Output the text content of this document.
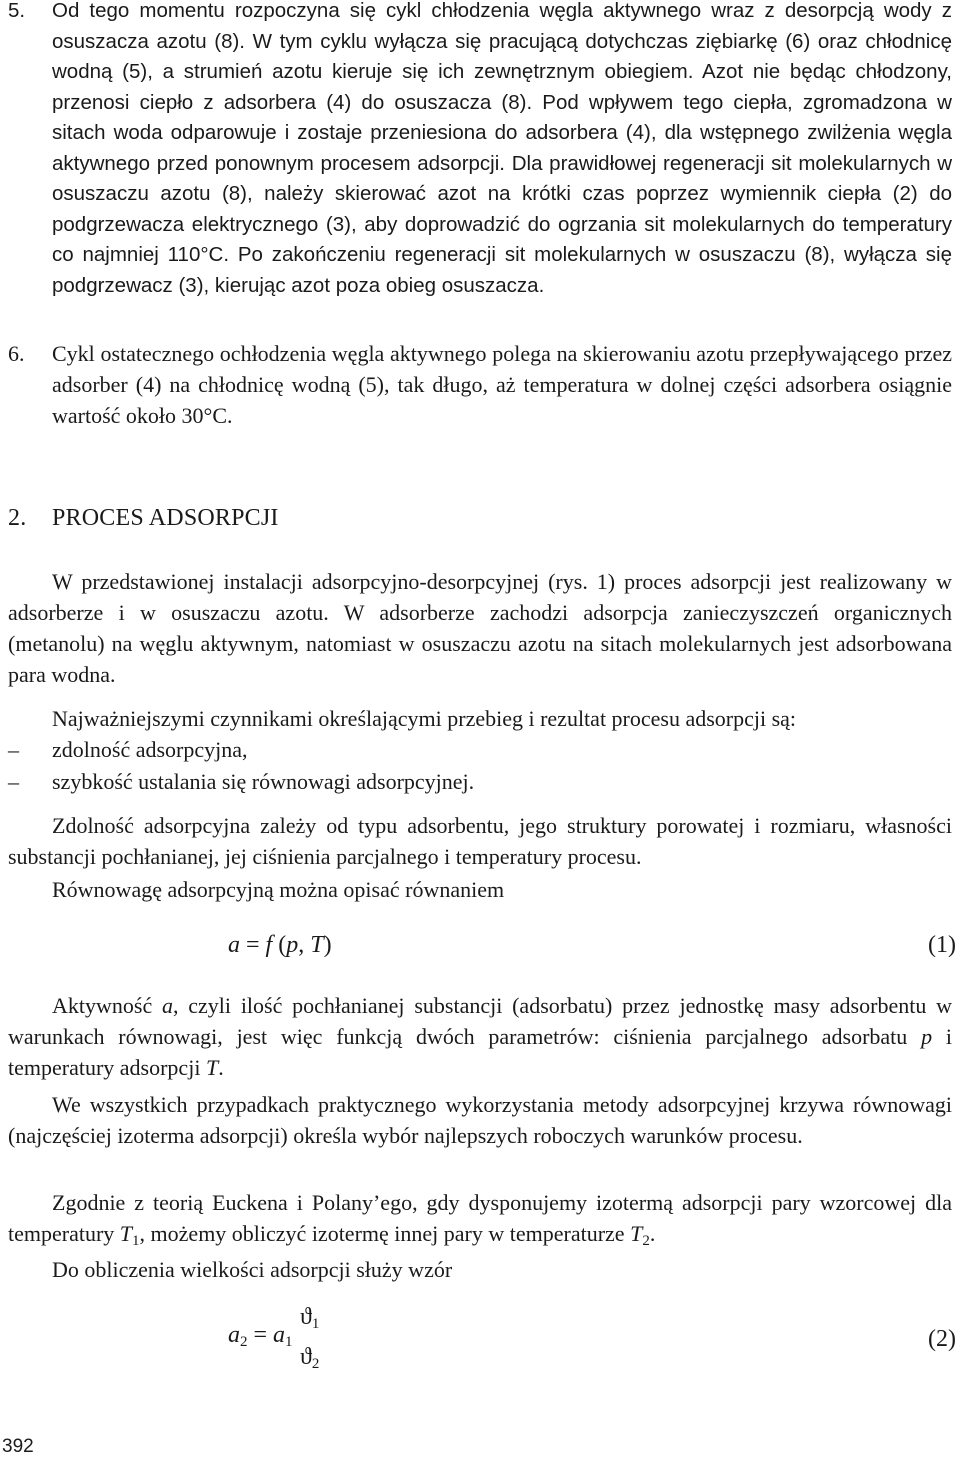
5.	Od tego momentu rozpoczyna się cykl chłodzenia węgla aktywnego wraz z desorpcją wody z osuszacza azotu (8). W tym cyklu wyłącza się pracującą dotychczas ziębiarkę (6) oraz chłodnicę wodną (5), a strumień azotu kieruje się ich zewnętrznym obiegiem. Azot nie będąc chłodzony, przenosi ciepło z adsorbera (4) do osuszacza (8). Pod wpływem tego ciepła, zgromadzona w sitach woda odparowuje i zostaje przeniesiona do adsorbera (4), dla wstępnego zwilżenia węgla aktywnego przed ponownym procesem adsorpcji. Dla prawidłowej regeneracji sit molekularnych w osuszaczu azotu (8), należy skierować azot na krótki czas poprzez wymiennik ciepła (2) do podgrzewacza elektrycznego (3), aby doprowadzić do ogrzania sit molekularnych do temperatury co najmniej 110°C. Po zakończeniu regeneracji sit molekularnych w osuszaczu (8), wyłącza się podgrzewacz (3), kierując azot poza obieg osuszacza.
6. Cykl ostatecznego ochłodzenia węgla aktywnego polega na skierowaniu azotu przepływającego przez adsorber (4) na chłodnicę wodną (5), tak długo, aż temperatura w dolnej części adsorbera osiągnie wartość około 30°C.
2. PROCES ADSORPCJI
W przedstawionej instalacji adsorpcyjno-desorpcyjnej (rys. 1) proces adsorpcji jest realizowany w adsorberze i w osuszaczu azotu. W adsorberze zachodzi adsorpcja zanieczyszczeń organicznych (metanolu) na węglu aktywnym, natomiast w osuszaczu azotu na sitach molekularnych jest adsorbowana para wodna.
Najważniejszymi czynnikami określającymi przebieg i rezultat procesu adsorpcji są:
–	zdolność adsorpcyjna,
–	szybkość ustalania się równowagi adsorpcyjnej.
Zdolność adsorpcyjna zależy od typu adsorbentu, jego struktury porowatej i rozmiaru, własności substancji pochłanianej, jej ciśnienia parcjalnego i temperatury procesu.
Równowagę adsorpcyjną można opisać równaniem
a = f (p, T)	(1)
Aktywność a, czyli ilość pochłanianej substancji (adsorbatu) przez jednostkę masy adsorbentu w warunkach równowagi, jest więc funkcją dwóch parametrów: ciśnienia parcjalnego adsorbatu p i temperatury adsorpcji T.
We wszystkich przypadkach praktycznego wykorzystania metody adsorpcyjnej krzywa równowagi (najczęściej izoterma adsorpcji) określa wybór najlepszych roboczych warunków procesu.
Zgodnie z teorią Euckena i Polany’ego, gdy dysponujemy izotermą adsorpcji pary wzorcowej dla temperatury $T_1$, możemy obliczyć izotermę innej pary w temperaturze $T_2$.
Do obliczenia wielkości adsorpcji służy wzór
$a_2 = a_1$
$ϑ_1$
$ϑ_2$
(2)
392
